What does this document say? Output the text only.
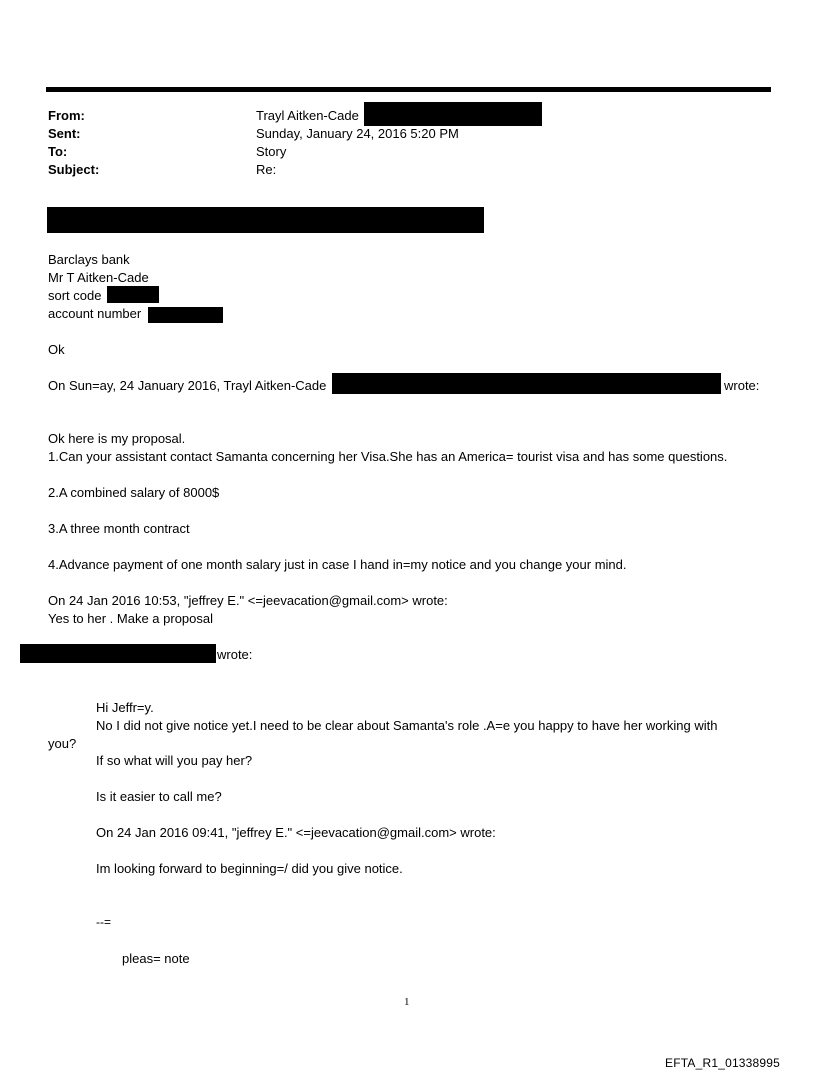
From:	Trayl Aitken-Cade
Sent:	Sunday, January 24, 2016 5:20 PM
To:	Story
Subject:	Re:
Barclays bank
Mr T Aitken-Cade
sort code
account number
Ok
On Sun=ay, 24 January 2016, Trayl Aitken-Cade	wrote:
Ok here is my proposal.
1.Can your assistant contact Samanta concerning her Visa.She has an America= tourist visa and has some questions.
2.A combined salary of 8000$
3.A three month contract
4.Advance payment of one month salary just in case I hand in=my notice and you change your mind.
On 24 Jan 2016 10:53, "jeffrey E." <=jeevacation@gmail.com> wrote:
Yes to her . Make a proposal
wrote:
Hi Jeffr=y.
No I did not give notice yet.I need to be clear about Samanta's role .A=e you happy to have her working with
you?
If so what will you pay her?
Is it easier to call me?
On 24 Jan 2016 09:41, "jeffrey E." <=jeevacation@gmail.com> wrote:
Im looking forward to beginning=/ did you give notice.
--=
pleas= note
1
EFTA_R1_01338995
